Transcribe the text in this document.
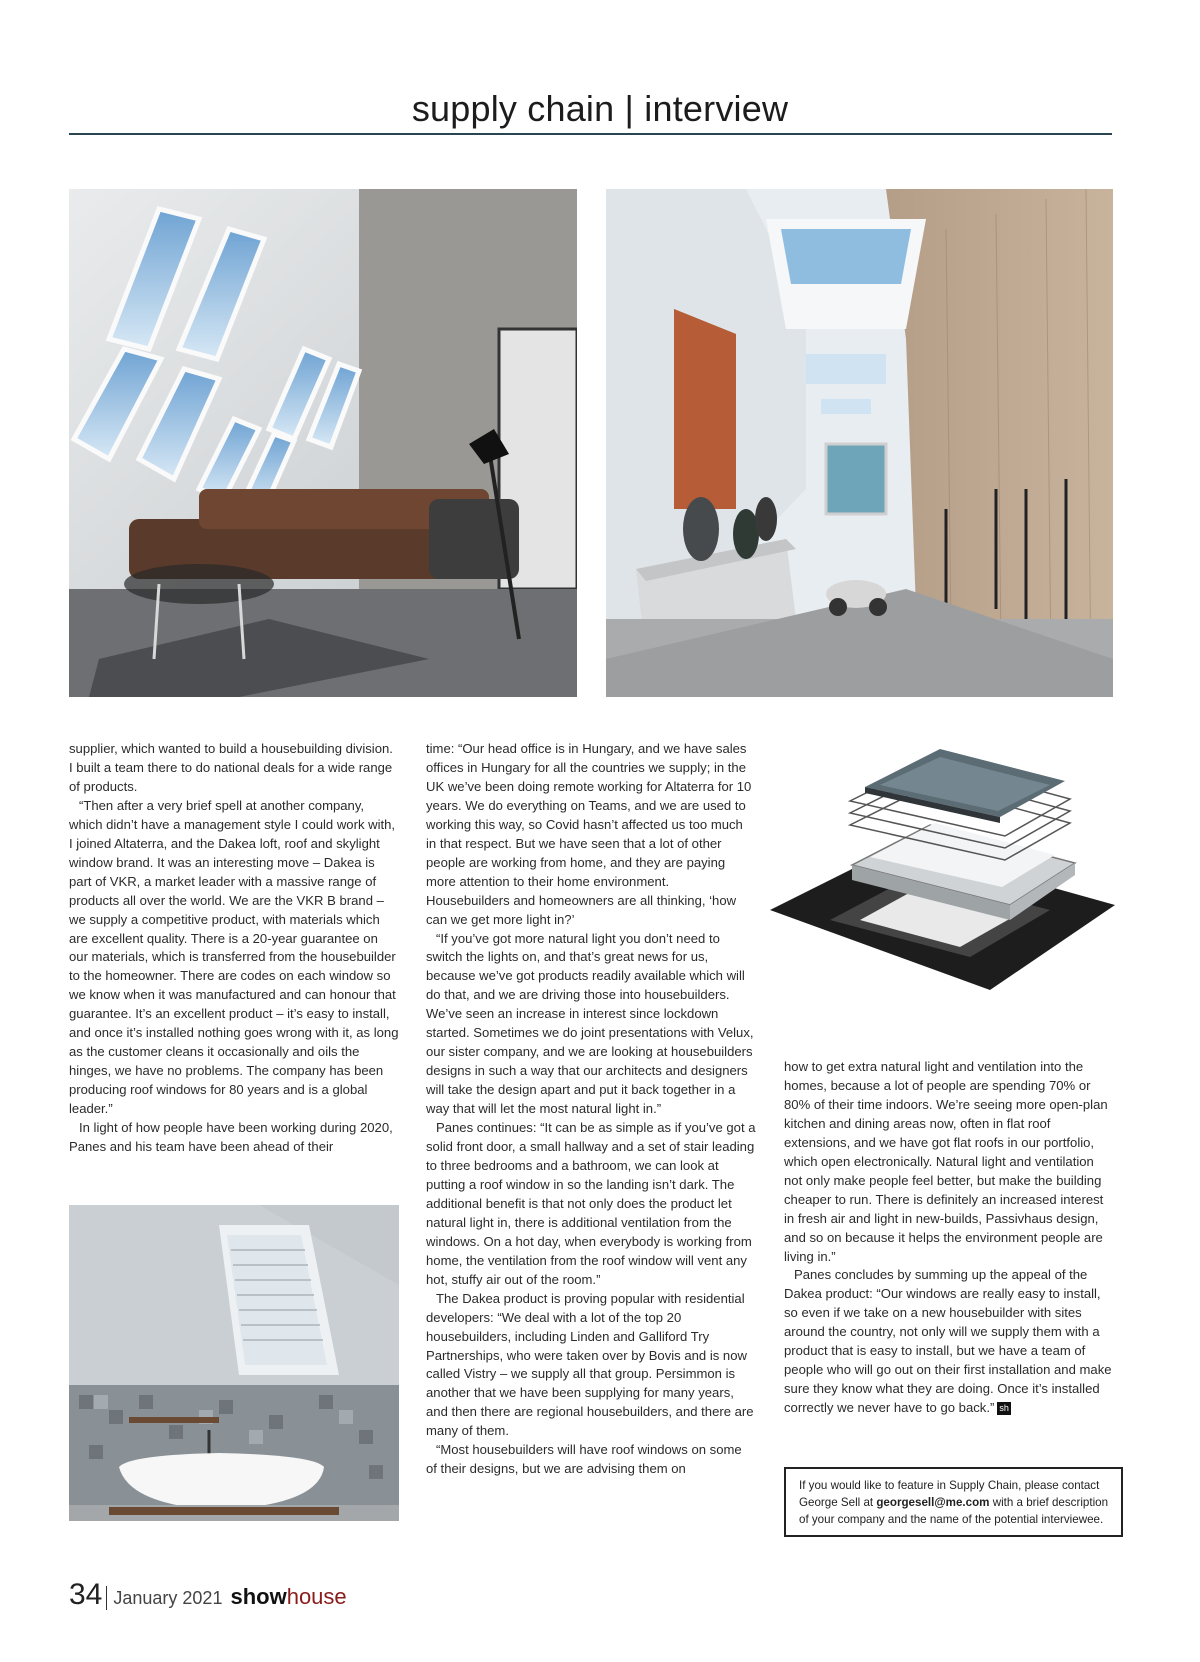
supply chain | interview

supplier, which wanted to build a housebuilding division. I built a team there to do national deals for a wide range of products.

“Then after a very brief spell at another company, which didn’t have a management style I could work with, I joined Altaterra, and the Dakea loft, roof and skylight window brand. It was an interesting move – Dakea is part of VKR, a market leader with a massive range of products all over the world. We are the VKR B brand – we supply a competitive product, with materials which are excellent quality. There is a 20-year guarantee on our materials, which is transferred from the housebuilder to the homeowner. There are codes on each window so we know when it was manufactured and can honour that guarantee. It’s an excellent product – it’s easy to install, and once it’s installed nothing goes wrong with it, as long as the customer cleans it occasionally and oils the hinges, we have no problems. The company has been producing roof windows for 80 years and is a global leader.”

In light of how people have been working during 2020, Panes and his team have been ahead of their

time: “Our head office is in Hungary, and we have sales offices in Hungary for all the countries we supply; in the UK we’ve been doing remote working for Altaterra for 10 years. We do everything on Teams, and we are used to working this way, so Covid hasn’t affected us too much in that respect. But we have seen that a lot of other people are working from home, and they are paying more attention to their home environment. Housebuilders and homeowners are all thinking, ‘how can we get more light in?’

“If you’ve got more natural light you don’t need to switch the lights on, and that’s great news for us, because we’ve got products readily available which will do that, and we are driving those into housebuilders. We’ve seen an increase in interest since lockdown started. Sometimes we do joint presentations with Velux, our sister company, and we are looking at housebuilders designs in such a way that our architects and designers will take the design apart and put it back together in a way that will let the most natural light in.”

Panes continues: “It can be as simple as if you’ve got a solid front door, a small hallway and a set of stair leading to three bedrooms and a bathroom, we can look at putting a roof window in so the landing isn’t dark. The additional benefit is that not only does the product let natural light in, there is additional ventilation from the windows. On a hot day, when everybody is working from home, the ventilation from the roof window will vent any hot, stuffy air out of the room.”

The Dakea product is proving popular with residential developers: “We deal with a lot of the top 20 housebuilders, including Linden and Galliford Try Partnerships, who were taken over by Bovis and is now called Vistry – we supply all that group. Persimmon is another that we have been supplying for many years, and then there are regional housebuilders, and there are many of them.

“Most housebuilders will have roof windows on some of their designs, but we are advising them on

how to get extra natural light and ventilation into the homes, because a lot of people are spending 70% or 80% of their time indoors. We’re seeing more open-plan kitchen and dining areas now, often in flat roof extensions, and we have got flat roofs in our portfolio, which open electronically. Natural light and ventilation not only make people feel better, but make the building cheaper to run. There is definitely an increased interest in fresh air and light in new-builds, Passivhaus design, and so on because it helps the environment people are living in.”

Panes concludes by summing up the appeal of the Dakea product: “Our windows are really easy to install, so even if we take on a new housebuilder with sites around the country, not only will we supply them with a product that is easy to install, but we have a team of people who will go out on their first installation and make sure they know what they are doing. Once it’s installed correctly we never have to go back.” sh

If you would like to feature in Supply Chain, please contact George Sell at georgesell@me.com with a brief description of your company and the name of the potential interviewee.
34 January 2021 show house
